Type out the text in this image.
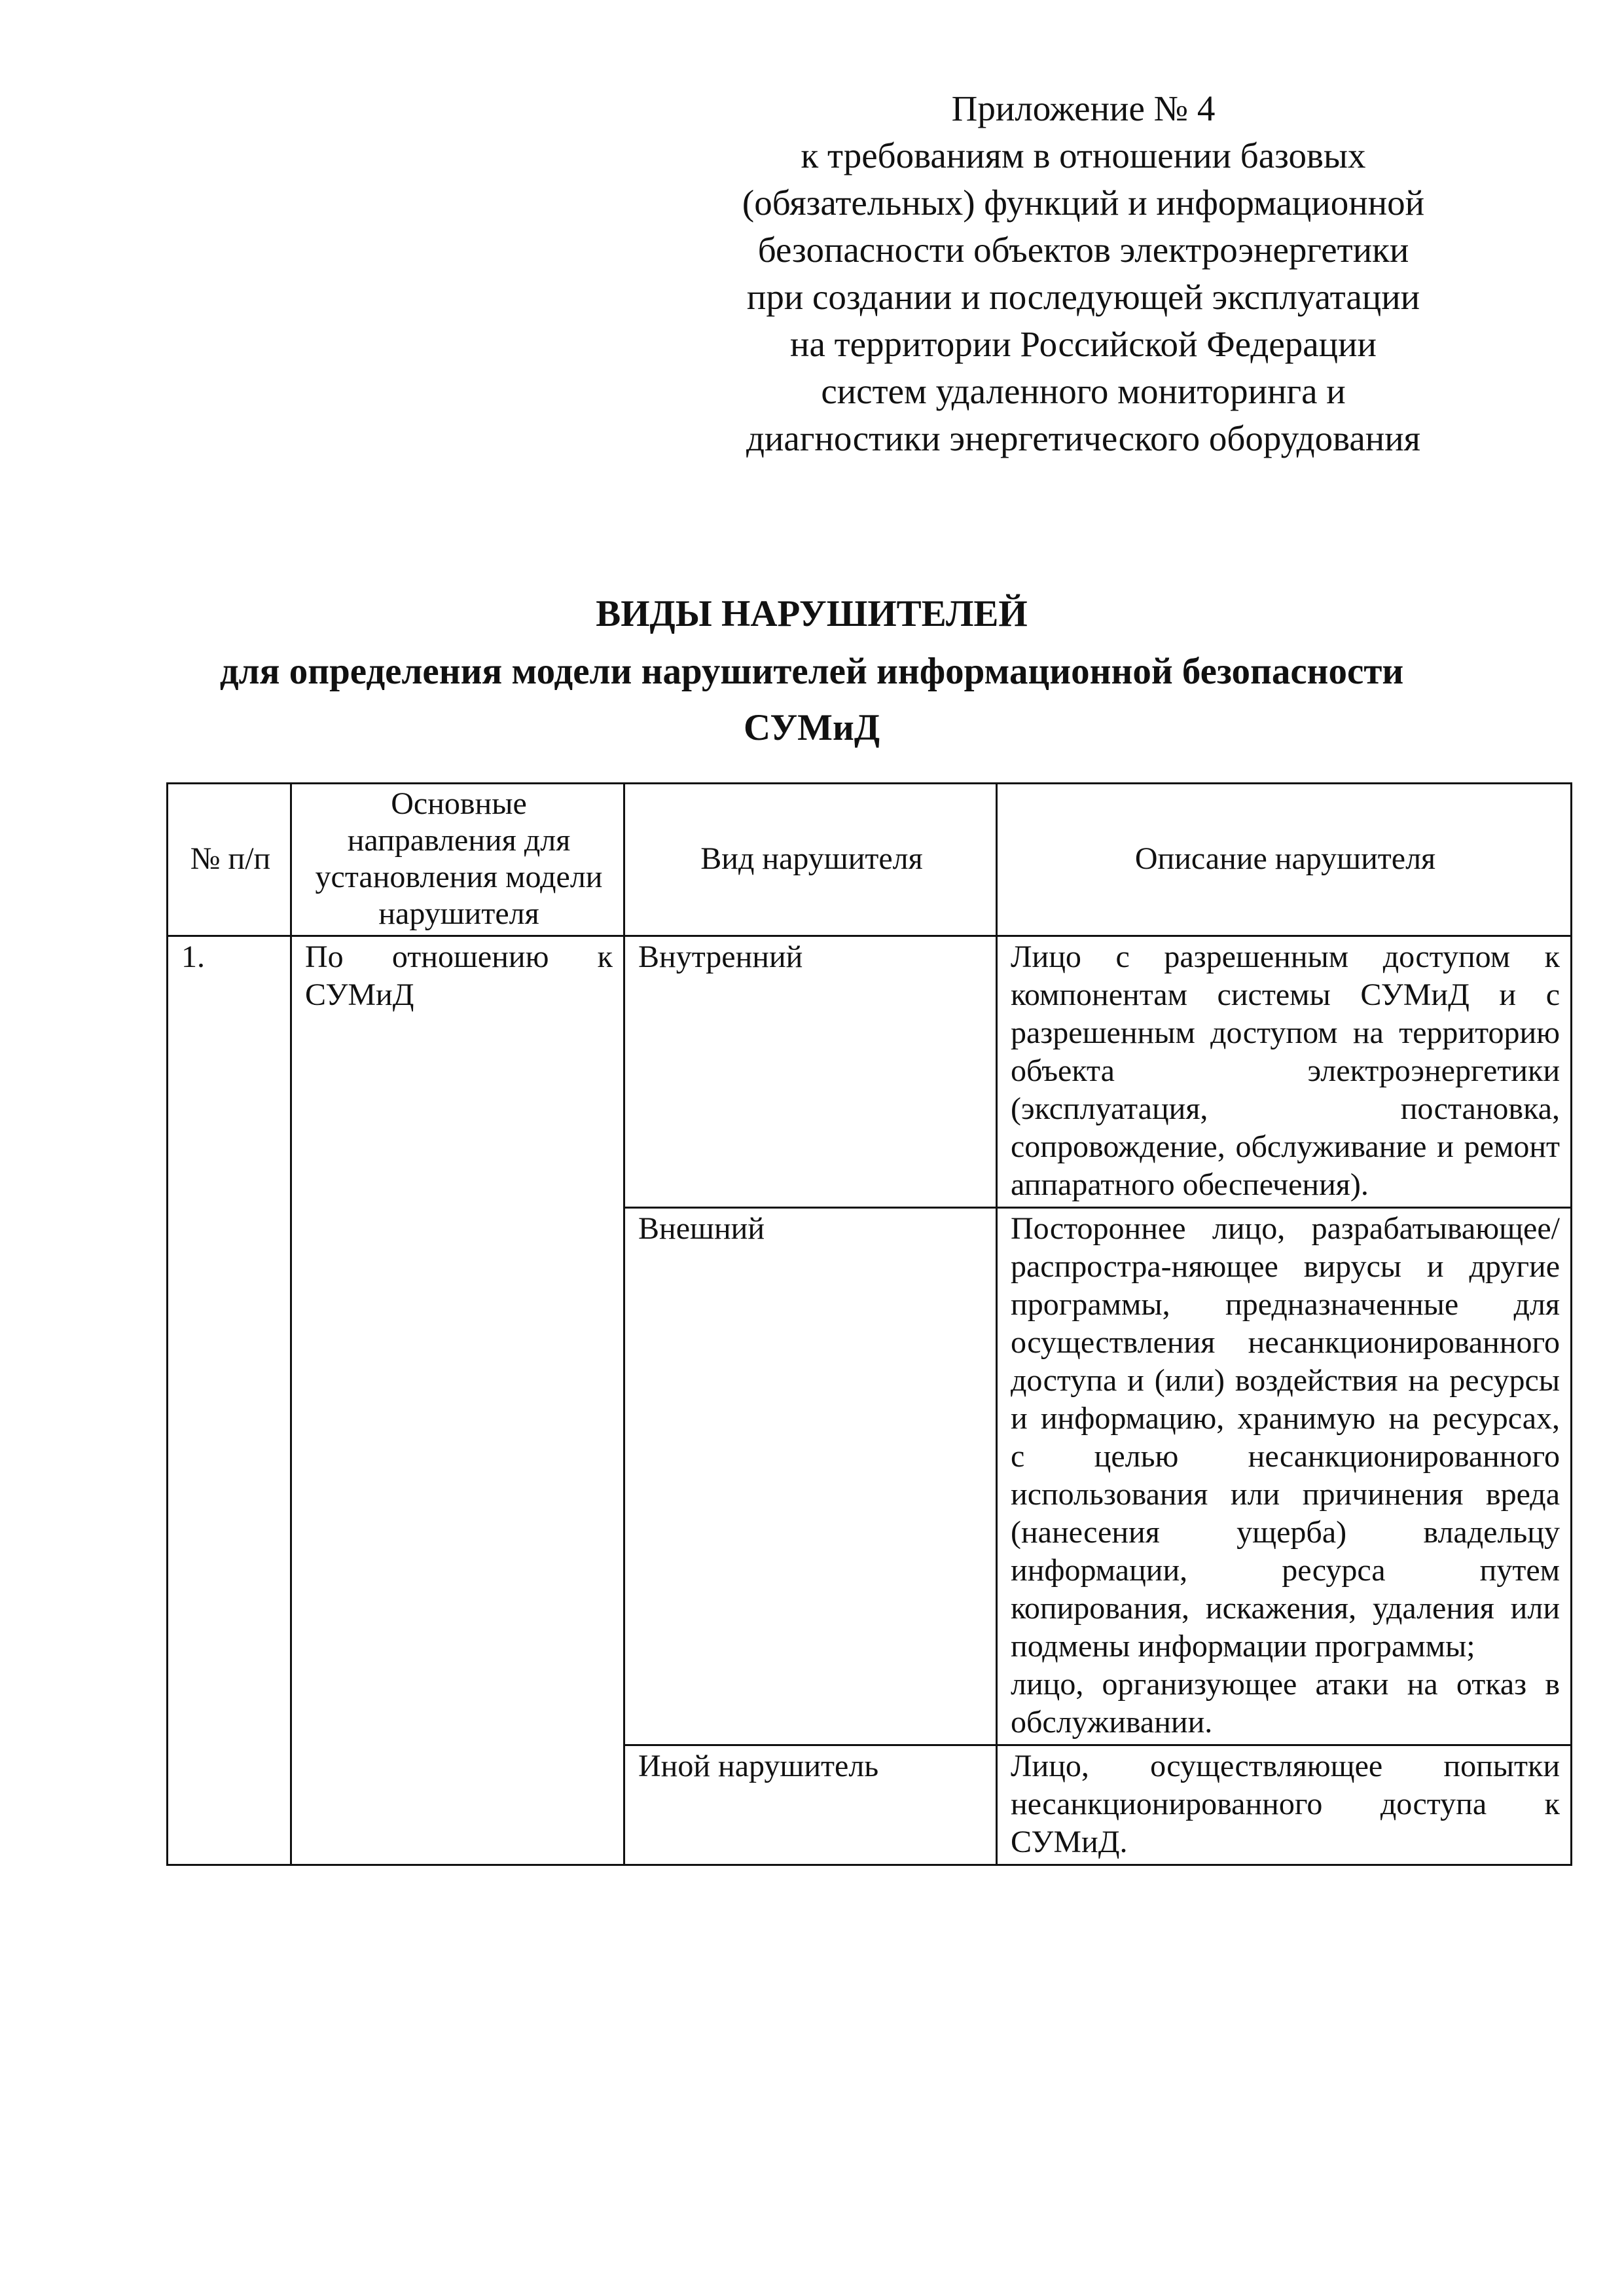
Приложение № 4
к требованиям в отношении базовых
(обязательных) функций и информационной
безопасности объектов электроэнергетики
при создании и последующей эксплуатации
на территории Российской Федерации
систем удаленного мониторинга и
диагностики энергетического оборудования
ВИДЫ НАРУШИТЕЛЕЙ
для определения модели нарушителей информационной безопасности
СУМиД
№ п/п	Основные направления для установления модели нарушителя	Вид нарушителя	Описание нарушителя
1.	По отношению к СУМиД	Внутренний	Лицо с разрешенным доступом к компонентам системы СУМиД и с разрешенным доступом на территорию объекта электроэнергетики (эксплуатация, постановка, сопровождение, обслуживание и ремонт аппаратного обеспечения).
		Внешний	Постороннее лицо, разрабатывающее/распростра-няющее вирусы и другие программы, предназначенные для осуществления несанкционированного доступа и (или) воздействия на ресурсы и информацию, хранимую на ресурсах, с целью несанкционированного использования или причинения вреда (нанесения ущерба) владельцу информации, ресурса путем копирования, искажения, удаления или подмены информации программы;
лицо, организующее атаки на отказ в обслуживании.

		Иной нарушитель	Лицо, осуществляющее попытки несанкционированного доступа к СУМиД.
